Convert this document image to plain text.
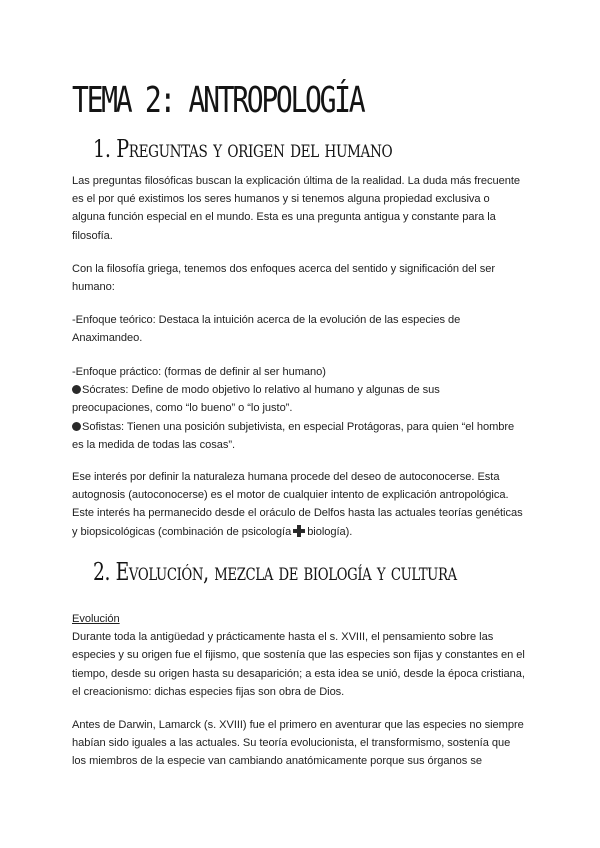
TEMA 2: ANTROPOLOGÍA
1. Preguntas y origen del humano
Las preguntas filosóficas buscan la explicación última de la realidad. La duda más frecuente
es el por qué existimos los seres humanos y si tenemos alguna propiedad exclusiva o
alguna función especial en el mundo. Esta es una pregunta antigua y constante para la
filosofía.
Con la filosofía griega, tenemos dos enfoques acerca del sentido y significación del ser
humano:
-Enfoque teórico: Destaca la intuición acerca de la evolución de las especies de
Anaximandeo.
-Enfoque práctico: (formas de definir al ser humano)
Sócrates: Define de modo objetivo lo relativo al humano y algunas de sus
preocupaciones, como “lo bueno” o “lo justo”.
Sofistas: Tienen una posición subjetivista, en especial Protágoras, para quien “el hombre
es la medida de todas las cosas”.
Ese interés por definir la naturaleza humana procede del deseo de autoconocerse. Esta
autognosis (autoconocerse) es el motor de cualquier intento de explicación antropológica.
Este interés ha permanecido desde el oráculo de Delfos hasta las actuales teorías genéticas
y biopsicológicas (combinación de psicología biología).
2. Evolución, mezcla de biología y cultura
Evolución
Durante toda la antigüedad y prácticamente hasta el s. XVIII, el pensamiento sobre las
especies y su origen fue el fijismo, que sostenía que las especies son fijas y constantes en el
tiempo, desde su origen hasta su desaparición; a esta idea se unió, desde la época cristiana,
el creacionismo: dichas especies fijas son obra de Dios.
Antes de Darwin, Lamarck (s. XVIII) fue el primero en aventurar que las especies no siempre
habían sido iguales a las actuales. Su teoría evolucionista, el transformismo, sostenía que
los miembros de la especie van cambiando anatómicamente porque sus órganos se
